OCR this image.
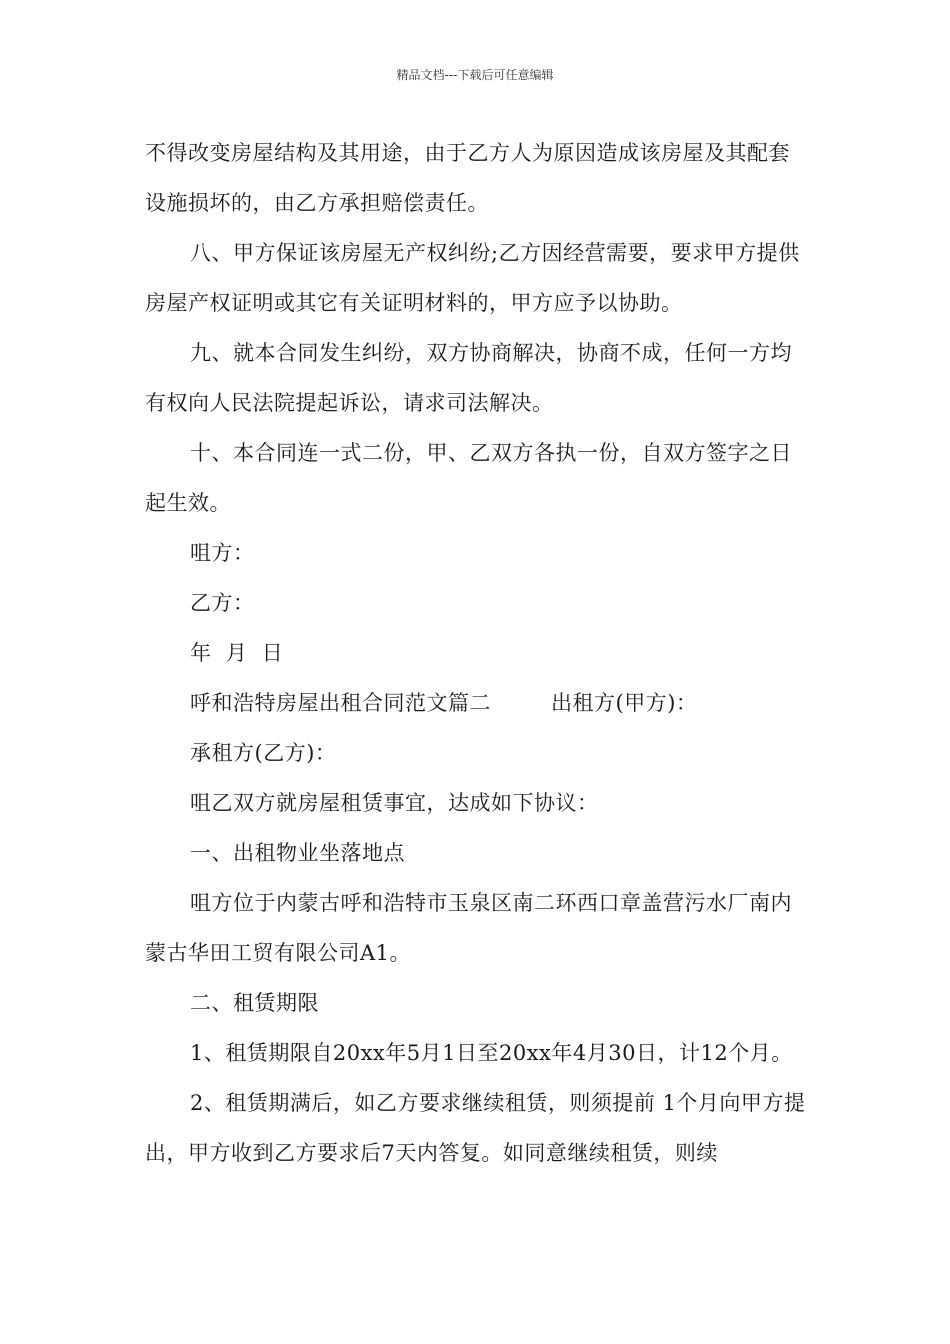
精品文档---下载后可任意编辑

不得改变房屋结构及其用途，由于乙方人为原因造成该房屋及其配套设施损坏的，由乙方承担赔偿责任。

八、甲方保证该房屋无产权纠纷;乙方因经营需要，要求甲方提供房屋产权证明或其它有关证明材料的，甲方应予以协助。

九、就本合同发生纠纷，双方协商解决，协商不成，任何一方均有权向人民法院提起诉讼，请求司法解决。

十、本合同连一式二份，甲、乙双方各执一份，自双方签字之日起生效。

咀方：

乙方：

年  月  日

呼和浩特房屋出租合同范文篇二	出租方(甲方)：

承租方(乙方)：

咀乙双方就房屋租赁事宜，达成如下协议：

一、出租物业坐落地点

咀方位于内蒙古呼和浩特市玉泉区南二环西口章盖营污水厂南内蒙古华田工贸有限公司A1。

二、租赁期限

1、租赁期限自20xx年5月1日至20xx年4月30日，计12个月。

2、租赁期满后，如乙方要求继续租赁，则须提前 1个月向甲方提出，甲方收到乙方要求后7天内答复。如同意继续租赁，则续
